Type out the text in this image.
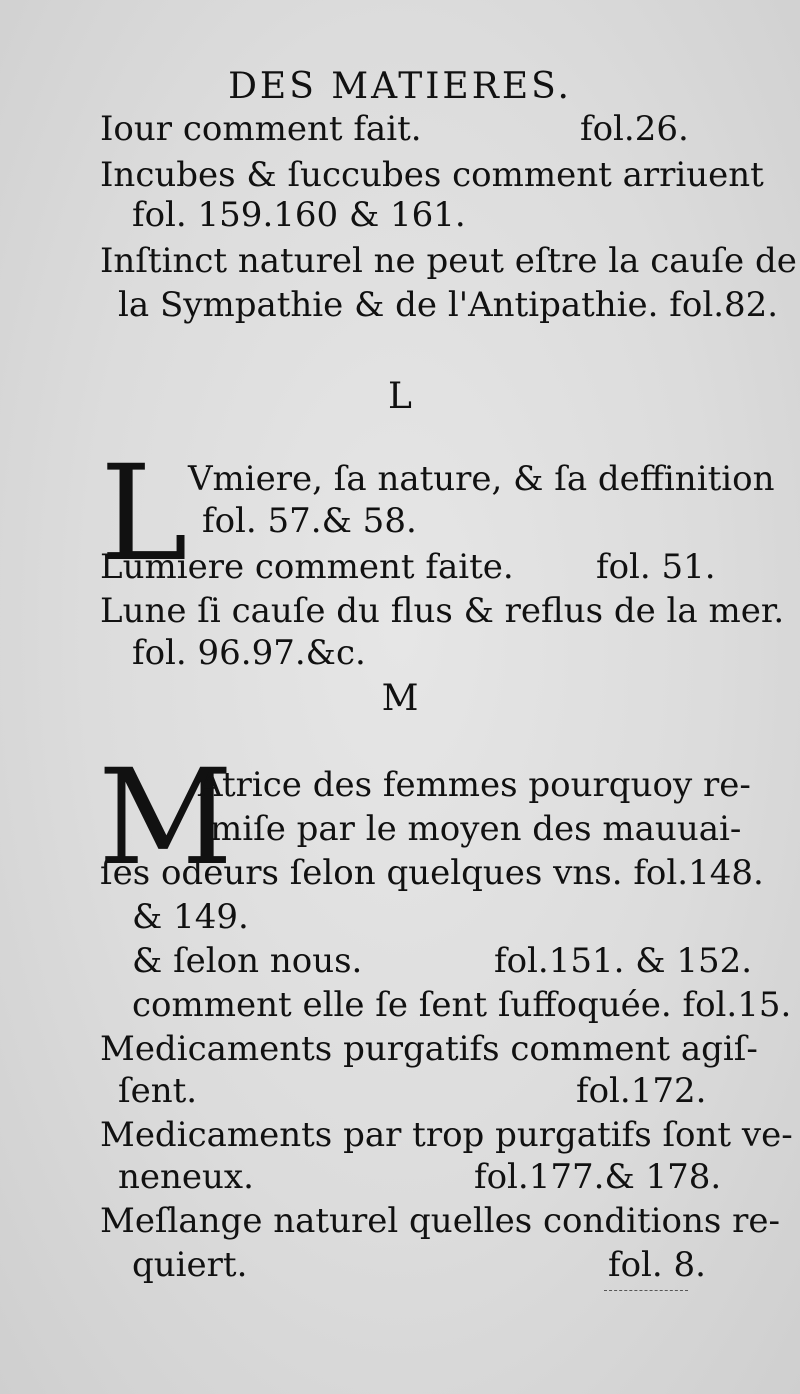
DES MATIERES.
Iour comment fait.	fol.26.
Incubes & ſuccubes comment arriuent
fol. 159.160 & 161.
Inſtinct naturel ne peut eſtre la cauſe de
la Sympathie & de l'Antipathie. fol.82.
L
L Vmiere, ſa nature, & ſa deffinition
fol. 57.& 58.
Lumiere comment faite. fol. 51.
Lune ſi cauſe du flus & reflus de la mer.
fol. 96.97.&c.
M
M
Atrice des femmes pourquoy re-
miſe par le moyen des mauuai-
ſes odeurs ſelon quelques vns. fol.148.
& 149.
& ſelon nous.	fol.151. & 152.
comment elle ſe ſent ſuffoquée. fol.15.
Medicaments purgatifs comment agiſ-
ſent.	fol.172.
Medicaments par trop purgatifs ſont ve-
neneux.	fol.177.& 178.
Meſlange naturel quelles conditions re-
quiert.	fol. 8.
